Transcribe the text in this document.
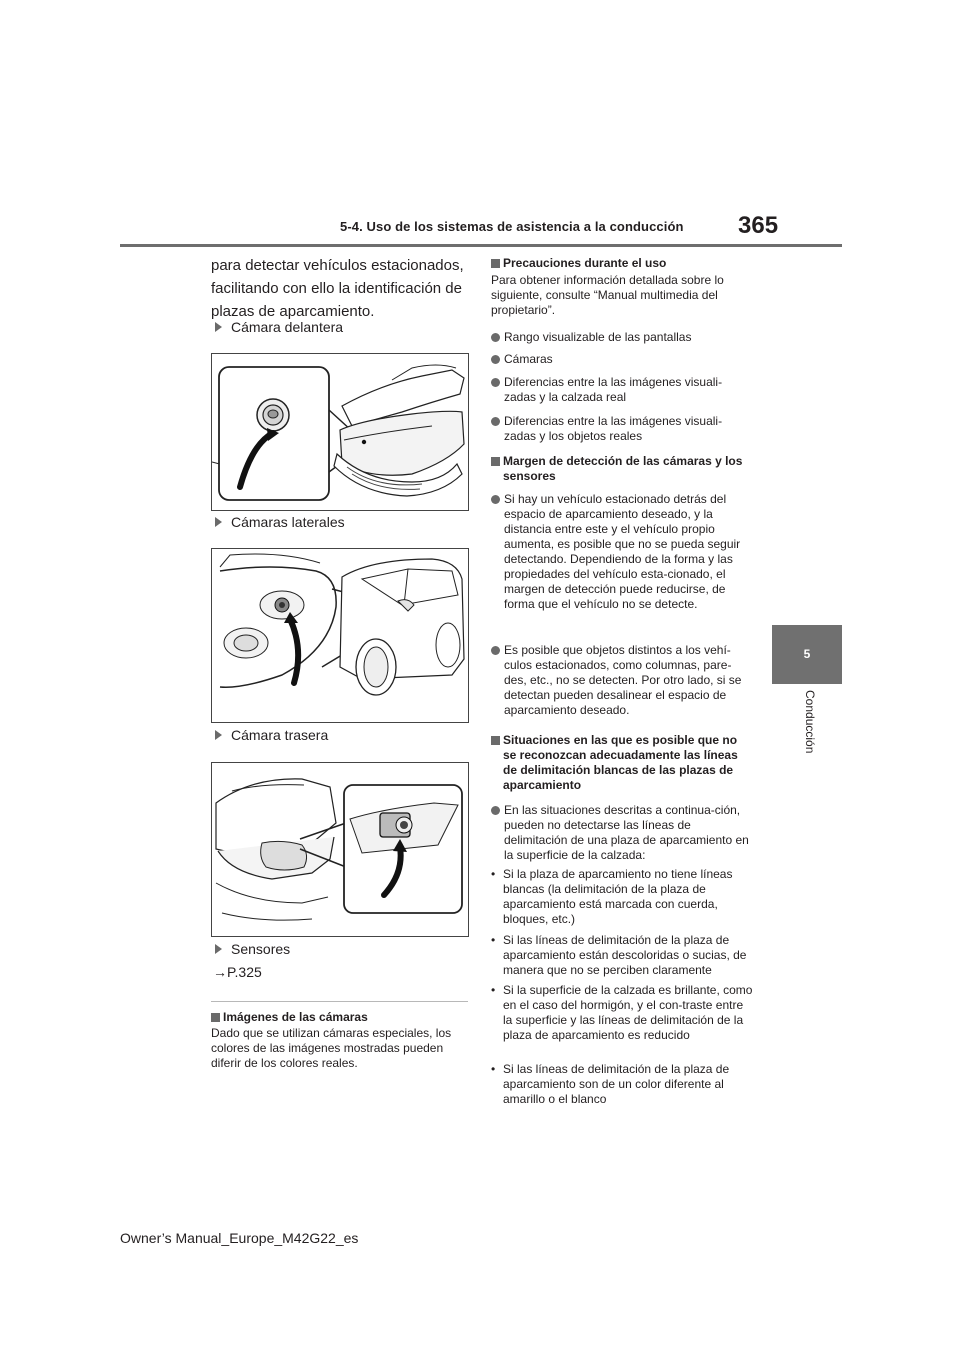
5-4. Uso de los sistemas de asistencia a la conducción 365
5
Conducción
para detectar vehículos estacionados, facilitando con ello la identificación de plazas de aparcamiento.
Cámara delantera
Cámaras laterales
Cámara trasera
Sensores
→P.325
Imágenes de las cámaras
Dado que se utilizan cámaras especiales, los colores de las imágenes mostradas pueden diferir de los colores reales.
Precauciones durante el uso
Para obtener información detallada sobre lo siguiente, consulte “Manual multimedia del propietario”.
Rango visualizable de las pantallas
Cámaras
Diferencias entre la las imágenes visuali-zadas y la calzada real
Diferencias entre la las imágenes visuali-zadas y los objetos reales
Margen de detección de las cámaras y los sensores
Si hay un vehículo estacionado detrás del espacio de aparcamiento deseado, y la distancia entre este y el vehículo propio aumenta, es posible que no se pueda seguir detectando. Dependiendo de la forma y las propiedades del vehículo esta-cionado, el margen de detección puede reducirse, de forma que el vehículo no se detecte.
Es posible que objetos distintos a los vehí-culos estacionados, como columnas, pare-des, etc., no se detecten. Por otro lado, si se detectan pueden desalinear el espacio de aparcamiento deseado.
Situaciones en las que es posible que no se reconozcan adecuadamente las líneas de delimitación blancas de las plazas de aparcamiento
En las situaciones descritas a continua-ción, pueden no detectarse las líneas de delimitación de una plaza de aparcamiento en la superficie de la calzada:
• Si la plaza de aparcamiento no tiene líneas blancas (la delimitación de la plaza de aparcamiento está marcada con cuerda, bloques, etc.)
• Si las líneas de delimitación de la plaza de aparcamiento están descoloridas o sucias, de manera que no se perciben claramente
• Si la superficie de la calzada es brillante, como en el caso del hormigón, y el con-traste entre la superficie y las líneas de delimitación de la plaza de aparcamiento es reducido
• Si las líneas de delimitación de la plaza de aparcamiento son de un color diferente al amarillo o el blanco
Owner’s Manual_Europe_M42G22_es
